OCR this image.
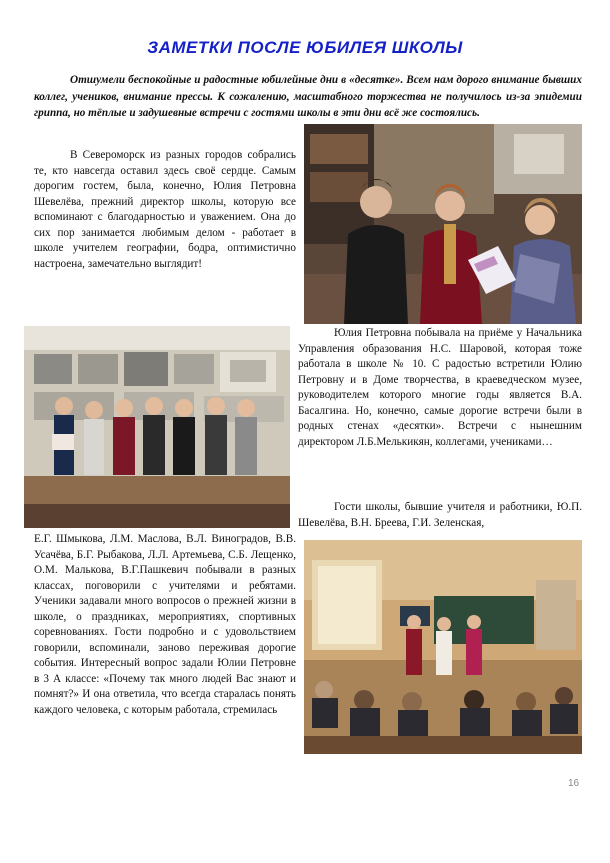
ЗАМЕТКИ ПОСЛЕ ЮБИЛЕЯ ШКОЛЫ
Отшумели беспокойные и радостные юбилейные дни в «десятке». Всем нам дорого внимание бывших коллег, учеников, внимание прессы. К сожалению, масштабного торжества не получилось из-за эпидемии гриппа, но тёплые и задушевные встречи с гостями школы в эти дни всё же состоялись.
В Североморск из разных городов собрались те, кто навсегда оставил здесь своё сердце. Самым дорогим гостем, была, конечно, Юлия Петровна Шевелёва, прежний директор школы, которую все вспоминают с благодарностью и уважением. Она до сих пор занимается любимым делом - работает в школе учителем географии, бодра, оптимистично настроена, замечательно выглядит!
Юлия Петровна побывала на приёме у Начальника Управления образования Н.С. Шаровой, которая тоже работала в школе № 10. С радостью встретили Юлию Петровну и в Доме творчества, в краеведческом музее, руководителем которого многие годы является В.А. Басалгина. Но, конечно, самые дорогие встречи были в родных стенах «десятки». Встречи с нынешним директором Л.Б.Мелькикян, коллегами, учениками…
Гости школы, бывшие учителя и работники, Ю.П. Шевелёва, В.Н. Бреева, Г.И. Зеленская,
Е.Г. Шмыкова, Л.М. Маслова, В.Л. Виноградов, В.В. Усачёва, Б.Г. Рыбакова, Л.Л. Артемьева, С.Б. Лещенко, О.М. Малькова, В.Г.Пашкевич побывали в разных классах, поговорили с учителями и ребятами. Ученики задавали много вопросов о прежней жизни в школе, о праздниках, мероприятиях, спортивных соревнованиях. Гости подробно и с удовольствием говорили, вспоминали, заново переживая дорогие события. Интересный вопрос задали Юлии Петровне в 3 А классе: «Почему так много людей Вас знают и помнят?» И она ответила, что всегда старалась понять каждого человека, с которым работала, стремилась
16
